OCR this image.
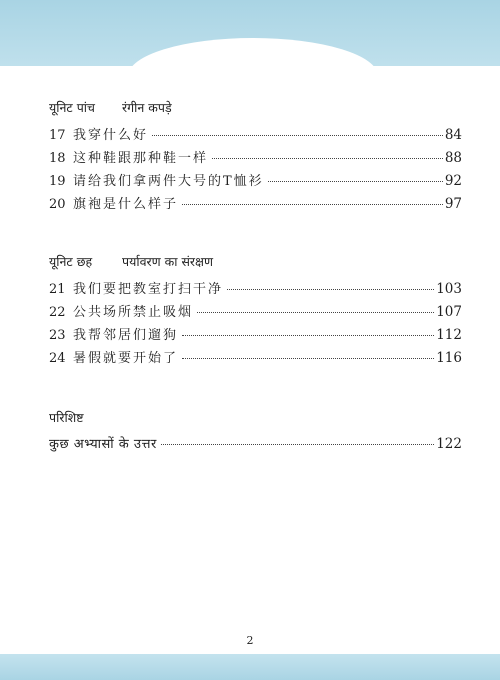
यूनिट पांच रंगीन कपड़े
17 我穿什么好	84
18 这种鞋跟那种鞋一样	88
19 请给我们拿两件大号的T恤衫	92
20 旗袍是什么样子	97
यूनिट छह पर्यावरण का संरक्षण
21 我们要把教室打扫干净	103
22 公共场所禁止吸烟	107
23 我帮邻居们遛狗	112
24 暑假就要开始了	116
परिशिष्ट
कुछ अभ्यासों के उत्तर	122
2
